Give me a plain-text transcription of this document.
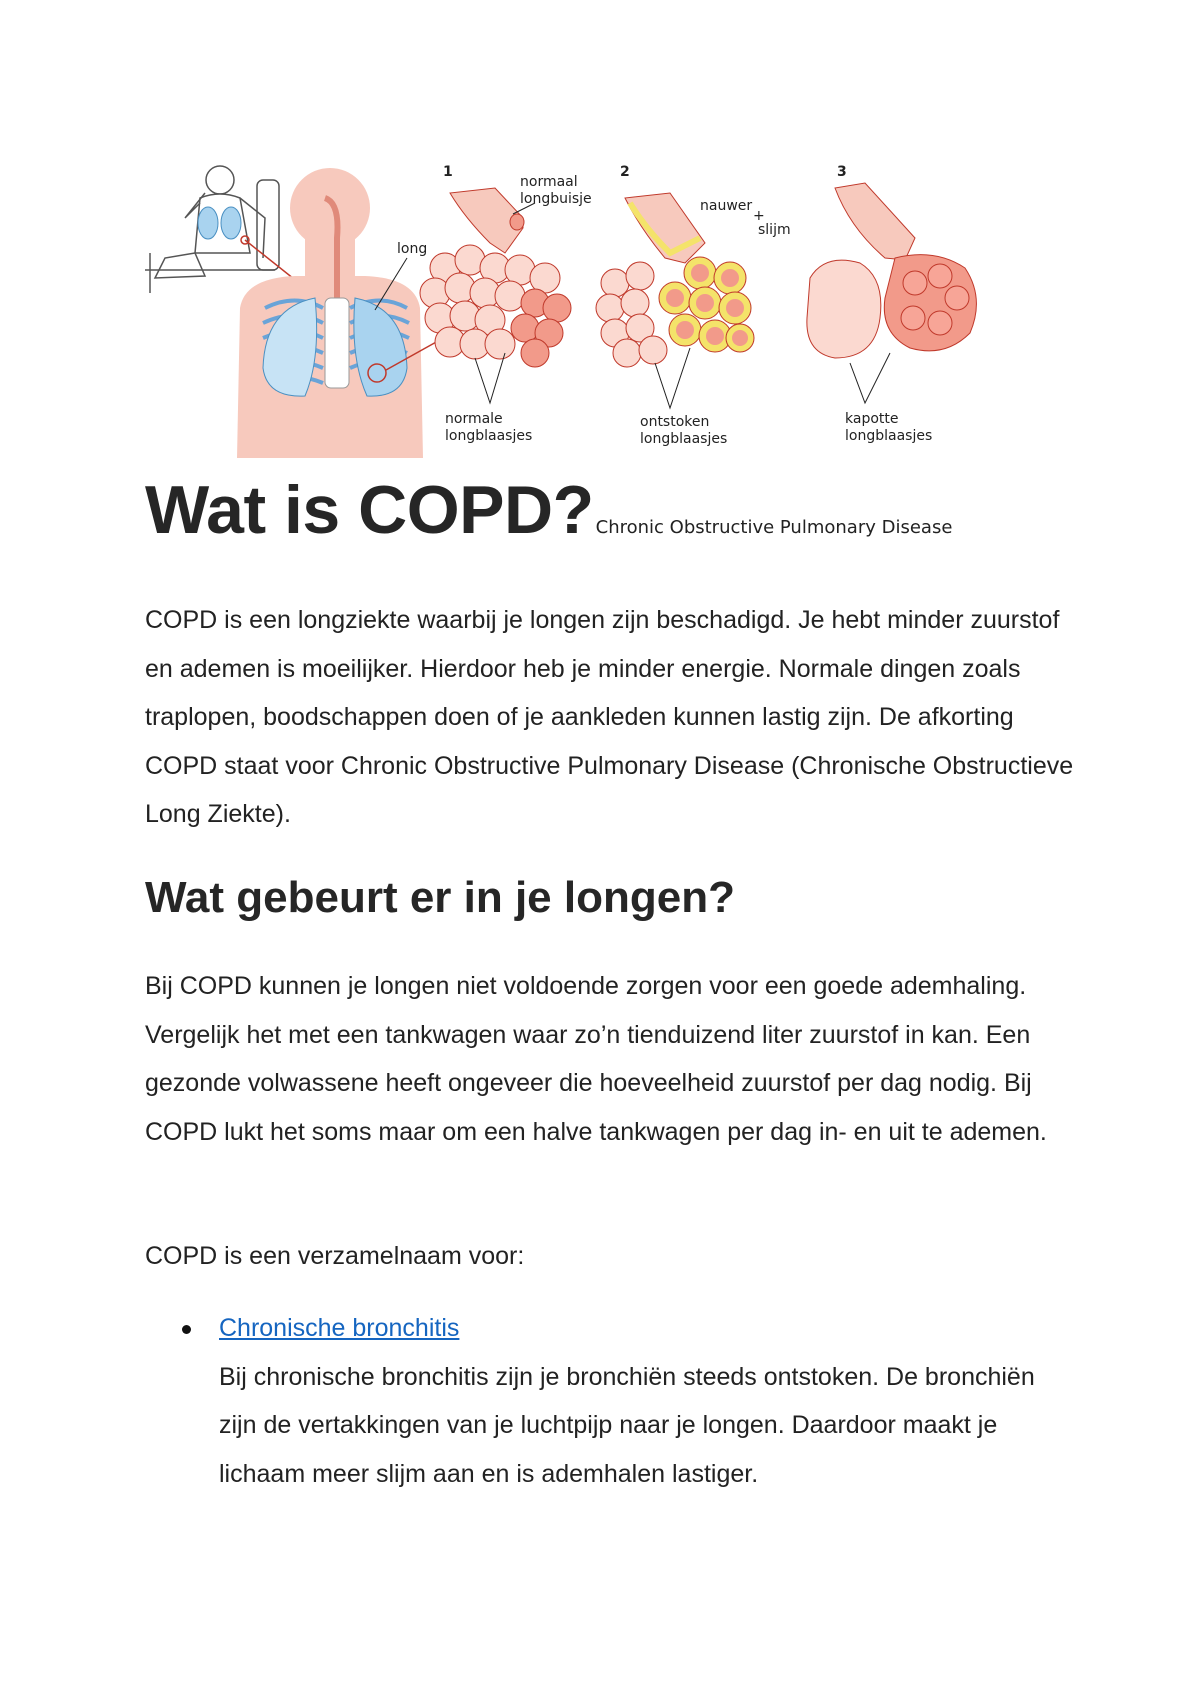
long
1
normaal
longbuisje
normale
longblaasjes
2
nauwer
+
slijm
ontstoken
longblaasjes
3
kapotte
longblaasjes
Wat is COPD? Chronic Obstructive Pulmonary Disease

COPD is een longziekte waarbij je longen zijn beschadigd. Je hebt minder zuurstof en ademen is moeilijker. Hierdoor heb je minder energie. Normale dingen zoals traplopen, boodschappen doen of je aankleden kunnen lastig zijn. De afkorting COPD staat voor Chronic Obstructive Pulmonary Disease (Chronische Obstructieve Long Ziekte).

Wat gebeurt er in je longen?

Bij COPD kunnen je longen niet voldoende zorgen voor een goede ademhaling. Vergelijk het met een tankwagen waar zo’n tienduizend liter zuurstof in kan. Een gezonde volwassene heeft ongeveer die hoeveelheid zuurstof per dag nodig. Bij COPD lukt het soms maar om een halve tankwagen per dag in- en uit te ademen.

COPD is een verzamelnaam voor:

Chronische bronchitis

Bij chronische bronchitis zijn je bronchiën steeds ontstoken. De bronchiën zijn de vertakkingen van je luchtpijp naar je longen. Daardoor maakt je lichaam meer slijm aan en is ademhalen lastiger.
